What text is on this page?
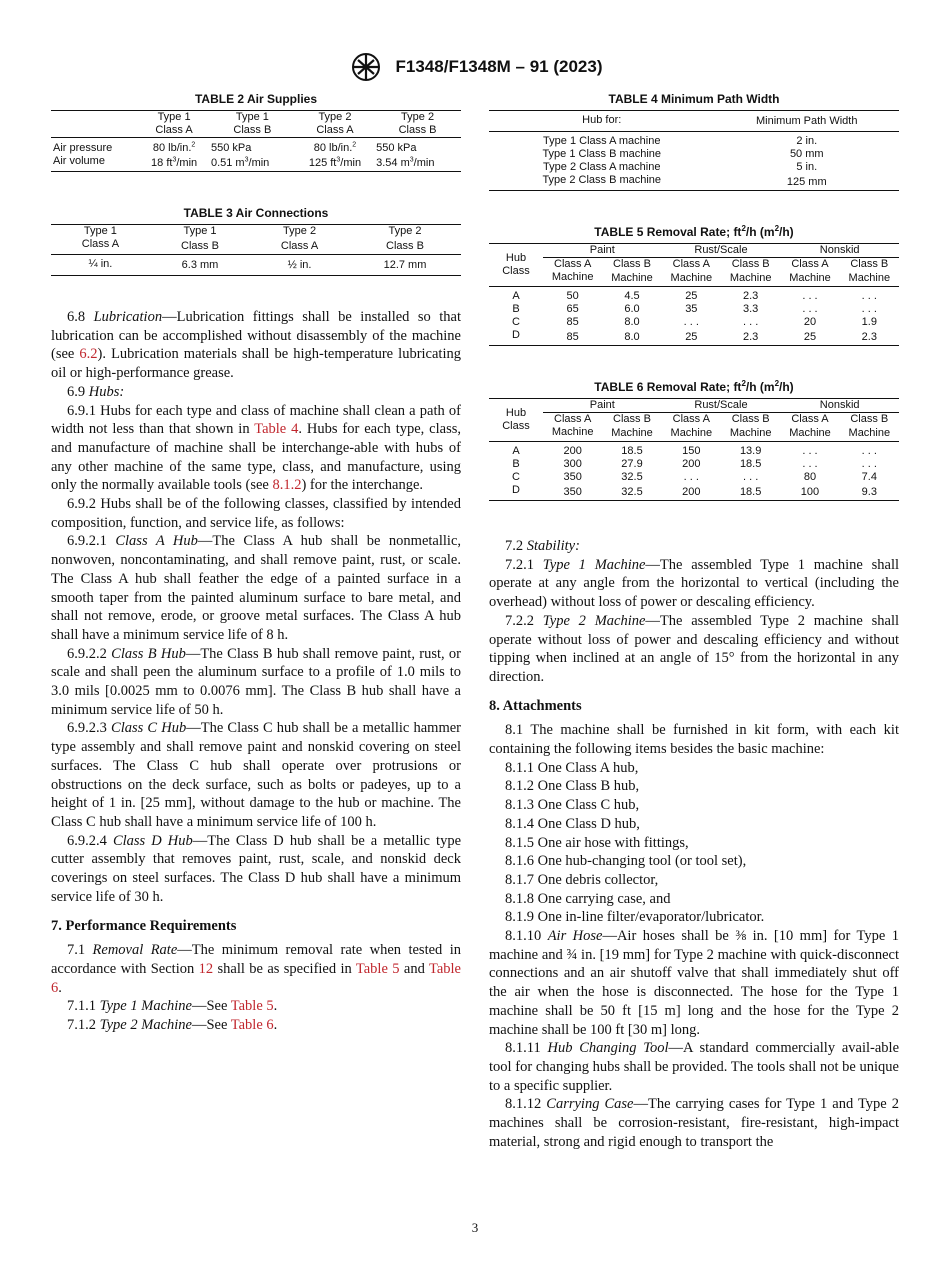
F1348/F1348M – 91 (2023)
TABLE 2 Air Supplies
	Type 1	Type 1	Type 2	Type 2
	Class A	Class B	Class A	Class B

Air pressure	80 lb/in.$^2$	550 kPa	80 lb/in.$^2$	550 kPa
Air volume	18 $ft^3/\min$	0.51 $m^3/\min$	125 $ft^3/\min$	3.54 $m^3/\min$
TABLE 3 Air Connections
Type 1	Type 1	Type 2	Type 2
Class A	Class B	Class A	Class B
¼ in.	6.3 mm	½ in.	12.7 mm

6.8 Lubrication—Lubrication fittings shall be installed so that lubrication can be accomplished without disassembly of the machine (see 6.2). Lubrication materials shall be high-temperature lubricating oil or high-performance grease.

6.9 Hubs:

6.9.1 Hubs for each type and class of machine shall clean a path of width not less than that shown in Table 4. Hubs for each type, class, and manufacture of machine shall be interchange-able with hubs of any other machine of the same type, class, and manufacture, using only the normally available tools (see 8.1.2) for the interchange.

6.9.2 Hubs shall be of the following classes, classified by intended composition, function, and service life, as follows:

6.9.2.1 Class A Hub—The Class A hub shall be nonmetallic, nonwoven, noncontaminating, and shall remove paint, rust, or scale. The Class A hub shall feather the edge of a painted surface in a smooth taper from the painted aluminum surface to bare metal, and shall not remove, erode, or groove metal surfaces. The Class A hub shall have a minimum service life of 8 h.

6.9.2.2 Class B Hub—The Class B hub shall remove paint, rust, or scale and shall peen the aluminum surface to a profile of 1.0 mils to 3.0 mils [0.0025 mm to 0.0076 mm]. The Class B hub shall have a minimum service life of 50 h.

6.9.2.3 Class C Hub—The Class C hub shall be a metallic hammer type assembly and shall remove paint and nonskid covering on steel surfaces. The Class C hub shall operate over protrusions or obstructions on the deck surface, such as bolts or padeyes, up to a height of 1 in. [25 mm], without damage to the hub or machine. The Class C hub shall have a minimum service life of 100 h.

6.9.2.4 Class D Hub—The Class D hub shall be a metallic type cutter assembly that removes paint, rust, scale, and nonskid deck coverings on steel surfaces. The Class D hub shall have a minimum service life of 30 h.

7. Performance Requirements

7.1 Removal Rate—The minimum removal rate when tested in accordance with Section 12 shall be as specified in Table 5 and Table 6.

7.1.1 Type 1 Machine—See Table 5.

7.1.2 Type 2 Machine—See Table 6.

TABLE 4 Minimum Path Width
Hub for:	Minimum Path Width
Type 1 Class A machine	2 in.
Type 1 Class B machine	50 mm
Type 2 Class A machine	5 in.
Type 2 Class B machine	125 mm
TABLE 5 Removal Rate; $ft^2/h$ $(m^2/h)$
Hub
Class	Paint		Rust/Scale		Nonskid	
	Class A	Class B	Class A	Class B	Class A	Class B
	Machine	Machine	Machine	Machine	Machine	Machine

A	50	4.5	25	2.3	. . .	. . .
B	65	6.0	35	3.3	. . .	. . .
C	85	8.0	. . .	. . .	20	1.9
D	85	8.0	25	2.3	25	2.3
TABLE 6 Removal Rate; $ft^2/h$ $(m^2/h)$
Hub
Class	Paint		Rust/Scale		Nonskid	
	Class A	Class B	Class A	Class B	Class A	Class B
	Machine	Machine	Machine	Machine	Machine	Machine

A	200	18.5	150	13.9	. . .	. . .
B	300	27.9	200	18.5	. . .	. . .
C	350	32.5	. . .	. . .	80	7.4
D	350	32.5	200	18.5	100	9.3

7.2 Stability:

7.2.1 Type 1 Machine—The assembled Type 1 machine shall operate at any angle from the horizontal to vertical (including the overhead) without loss of power or descaling efficiency.

7.2.2 Type 2 Machine—The assembled Type 2 machine shall operate without loss of power and descaling efficiency and without tipping when inclined at an angle of 15° from the horizontal in any direction.

8. Attachments

8.1 The machine shall be furnished in kit form, with each kit containing the following items besides the basic machine:

8.1.1 One Class A hub,

8.1.2 One Class B hub,

8.1.3 One Class C hub,

8.1.4 One Class D hub,

8.1.5 One air hose with fittings,

8.1.6 One hub-changing tool (or tool set),

8.1.7 One debris collector,

8.1.8 One carrying case, and

8.1.9 One in-line filter/evaporator/lubricator.

8.1.10 Air Hose—Air hoses shall be ⅜ in. [10 mm] for Type 1 machine and ¾ in. [19 mm] for Type 2 machine with quick-disconnect connections and an air shutoff valve that shall immediately shut off the air when the hose is disconnected. The hose for the Type 1 machine shall be 50 ft [15 m] long and the hose for the Type 2 machine shall be 100 ft [30 m] long.

8.1.11 Hub Changing Tool—A standard commercially avail-able tool for changing hubs shall be provided. The tools shall not be unique to a specific supplier.

8.1.12 Carrying Case—The carrying cases for Type 1 and Type 2 machines shall be corrosion-resistant, fire-resistant, high-impact material, strong and rigid enough to transport the

3
